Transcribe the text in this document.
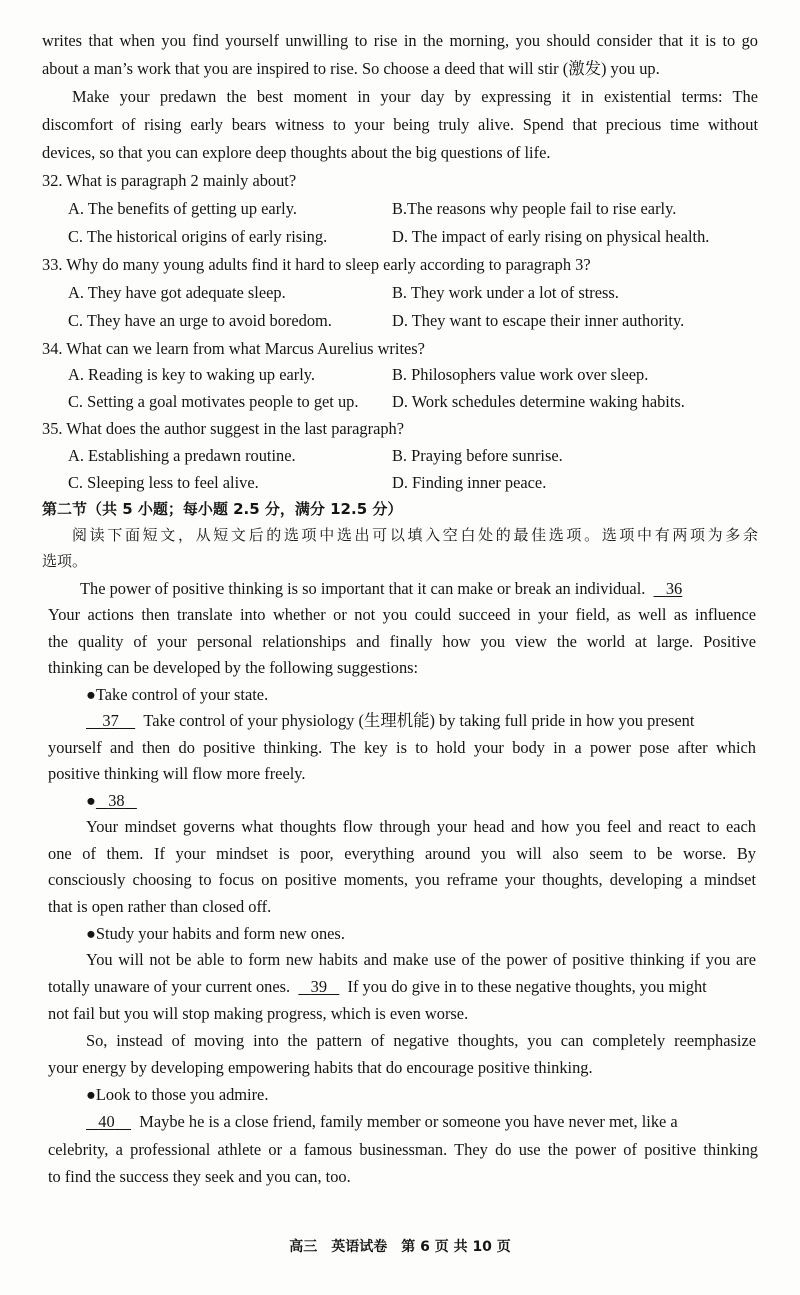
writes that when you find yourself unwilling to rise in the morning, you should consider that it is to go
about a man’s work that you are inspired to rise. So choose a deed that will stir (激发) you up.
Make your predawn the best moment in your day by expressing it in existential terms: The
discomfort of rising early bears witness to your being truly alive. Spend that precious time without
devices, so that you can explore deep thoughts about the big questions of life.
32. What is paragraph 2 mainly about?
A. The benefits of getting up early.	B.The reasons why people fail to rise early.
C. The historical origins of early rising.	D. The impact of early rising on physical health.
33. Why do many young adults find it hard to sleep early according to paragraph 3?
A. They have got adequate sleep.	B. They work under a lot of stress.
C. They have an urge to avoid boredom.	D. They want to escape their inner authority.
34. What can we learn from what Marcus Aurelius writes?
A. Reading is key to waking up early.	B. Philosophers value work over sleep.
C. Setting a goal motivates people to get up. D. Work schedules determine waking habits.
35. What does the author suggest in the last paragraph?
A. Establishing a predawn routine.	B. Praying before sunrise.
C. Sleeping less to feel alive.	D. Finding inner peace.
第二节（共 5 小题；每小题 2.5 分，满分 12.5 分）
阅读下面短文，从短文后的选项中选出可以填入空白处的最佳选项。选项中有两项为多余
选项。
The power of positive thinking is so important that it can make or break an individual. 36
Your actions then translate into whether or not you could succeed in your field, as well as influence
the quality of your personal relationships and finally how you view the world at large. Positive
thinking can be developed by the following suggestions:
●Take control of your state.
37 Take control of your physiology (生理机能) by taking full pride in how you present
yourself and then do positive thinking. The key is to hold your body in a power pose after which
positive thinking will flow more freely.
● 38
Your mindset governs what thoughts flow through your head and how you feel and react to each
one of them. If your mindset is poor, everything around you will also seem to be worse. By
consciously choosing to focus on positive moments, you reframe your thoughts, developing a mindset
that is open rather than closed off.
●Study your habits and form new ones.
You will not be able to form new habits and make use of the power of positive thinking if you are
totally unaware of your current ones. 39 If you do give in to these negative thoughts, you might
not fail but you will stop making progress, which is even worse.
So, instead of moving into the pattern of negative thoughts, you can completely reemphasize
your energy by developing empowering habits that do encourage positive thinking.
●Look to those you admire.
40 Maybe he is a close friend, family member or someone you have never met, like a
celebrity, a professional athlete or a famous businessman. They do use the power of positive thinking
to find the success they seek and you can, too.
高三　英语试卷　第 6 页 共 10 页
